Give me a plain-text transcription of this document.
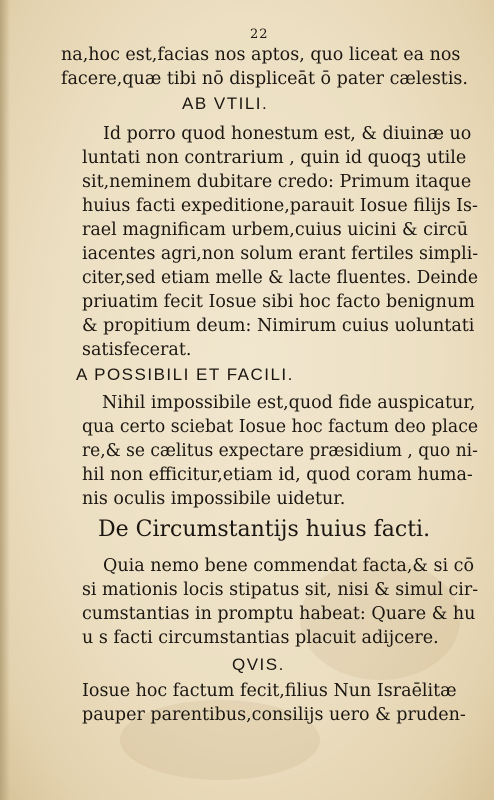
22
na,hoc est,facias nos aptos, quo liceat ea nos
facere,quæ tibi nō displiceāt ō pater cælestis.
AB VTILI.
Id porro quod honestum est, & diuinæ uo
luntati non contrarium , quin id quoqꝫ utile
sit,neminem dubitare credo: Primum itaque
huius facti expeditione,parauit Iosue filijs Is-
rael magnificam urbem,cuius uicini & circū
iacentes agri,non solum erant fertiles simpli-
citer,sed etiam melle & lacte fluentes. Deinde
priuatim fecit Iosue sibi hoc facto benignum
& propitium deum: Nimirum cuius uoluntati
satisfecerat.
A POSSIBILI ET FACILI.
Nihil impossibile est,quod fide auspicatur,
qua certo sciebat Iosue hoc factum deo place
re,& se cælitus expectare præsidium , quo ni-
hil non efficitur,etiam id, quod coram huma-
nis oculis impossibile uidetur.
De Circumstantijs huius facti.
Quia nemo bene commendat facta,& si cō
si mationis locis stipatus sit, nisi & simul cir-
cumstantias in promptu habeat: Quare & hu
u s facti circumstantias placuit adijcere.
QVIS.
Iosue hoc factum fecit,filius Nun Israēlitæ
pauper parentibus,consilijs uero & pruden-
